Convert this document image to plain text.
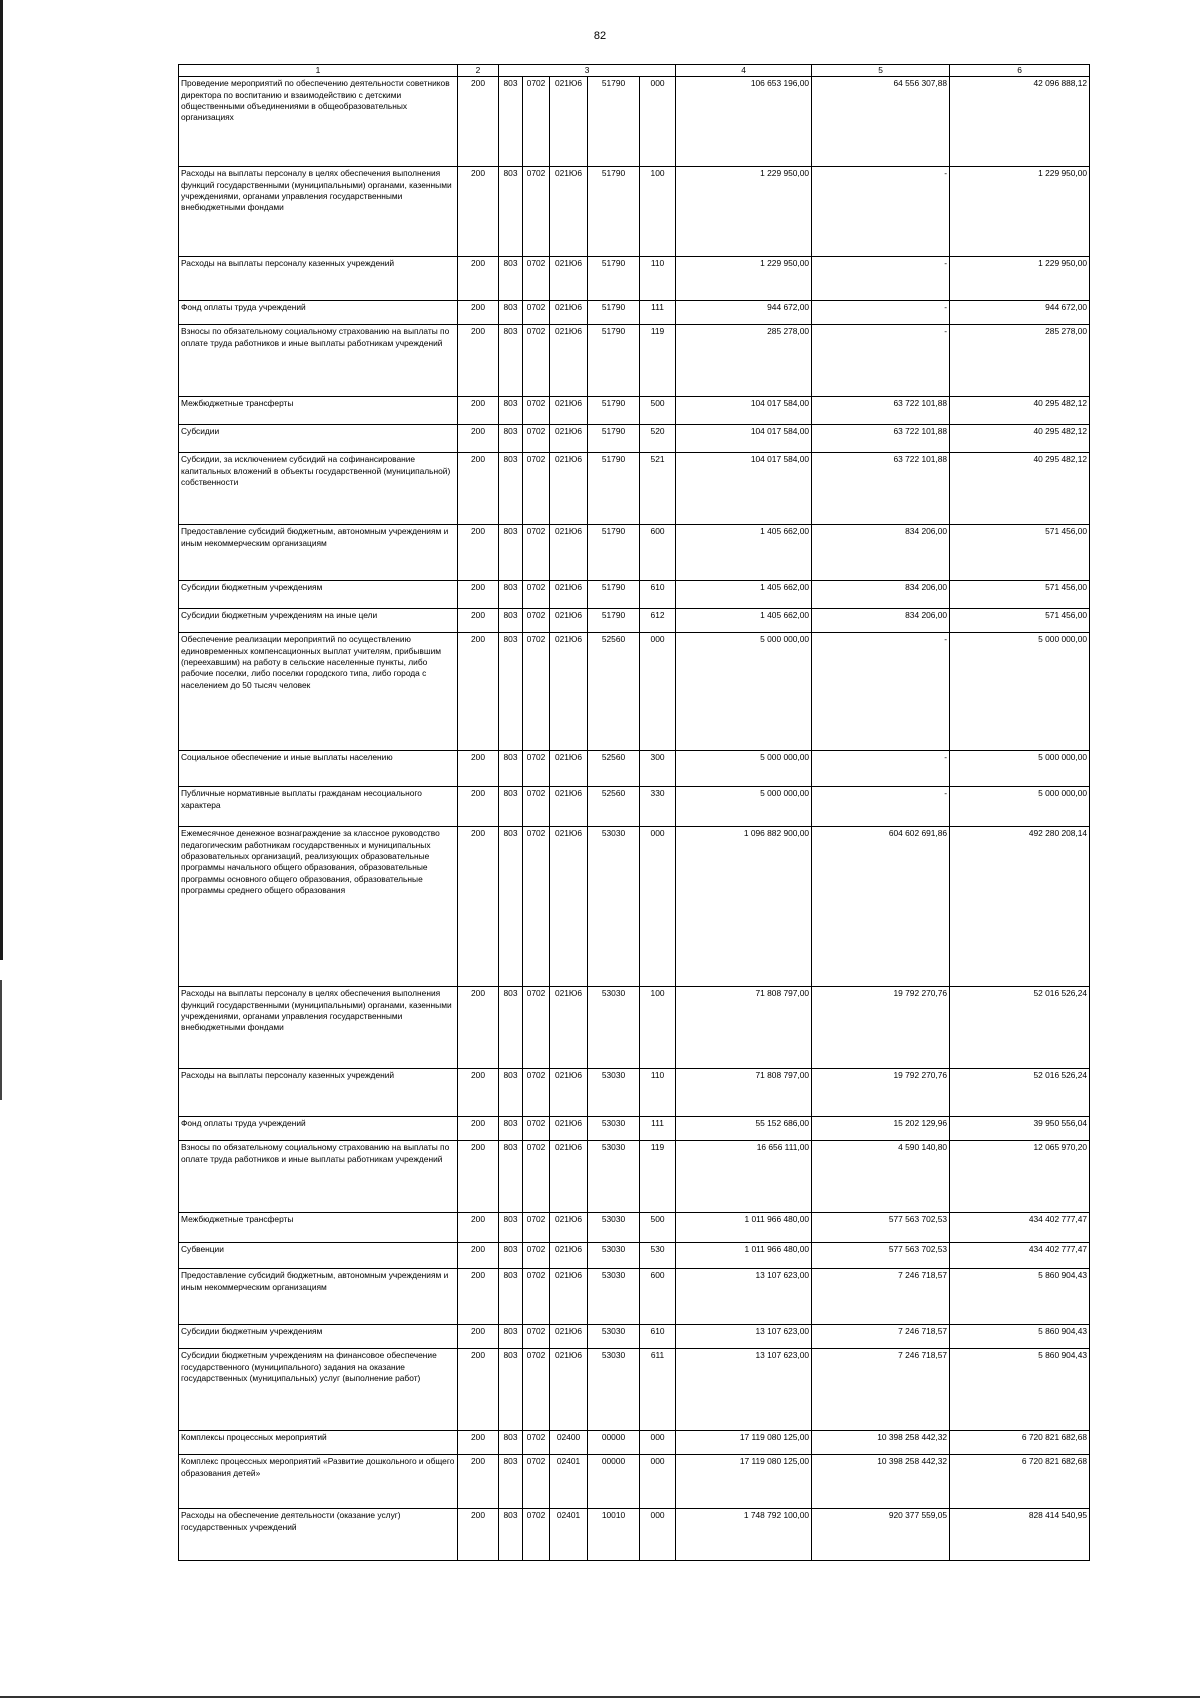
82
1	2	3					4	5	6
Проведение мероприятий по обеспечению деятельности советников директора по воспитанию и взаимодействию с детскими общественными объединениями в общеобразовательных организациях	200	803	0702	021Ю6	51790	000	106 653 196,00	64 556 307,88	42 096 888,12
Расходы на выплаты персоналу в целях обеспечения выполнения функций государственными (муниципальными) органами, казенными учреждениями, органами управления государственными внебюджетными фондами	200	803	0702	021Ю6	51790	100	1 229 950,00	-	1 229 950,00
Расходы на выплаты персоналу казенных учреждений	200	803	0702	021Ю6	51790	110	1 229 950,00	-	1 229 950,00
Фонд оплаты труда учреждений	200	803	0702	021Ю6	51790	111	944 672,00	-	944 672,00
Взносы по обязательному социальному страхованию на выплаты по оплате труда работников и иные выплаты работникам учреждений	200	803	0702	021Ю6	51790	119	285 278,00	-	285 278,00
Межбюджетные трансферты	200	803	0702	021Ю6	51790	500	104 017 584,00	63 722 101,88	40 295 482,12
Субсидии	200	803	0702	021Ю6	51790	520	104 017 584,00	63 722 101,88	40 295 482,12
Субсидии, за исключением субсидий на софинансирование капитальных вложений в объекты государственной (муниципальной) собственности	200	803	0702	021Ю6	51790	521	104 017 584,00	63 722 101,88	40 295 482,12
Предоставление субсидий бюджетным, автономным учреждениям и иным некоммерческим организациям	200	803	0702	021Ю6	51790	600	1 405 662,00	834 206,00	571 456,00
Субсидии бюджетным учреждениям	200	803	0702	021Ю6	51790	610	1 405 662,00	834 206,00	571 456,00
Субсидии бюджетным учреждениям на иные цели	200	803	0702	021Ю6	51790	612	1 405 662,00	834 206,00	571 456,00
Обеспечение реализации мероприятий по осуществлению единовременных компенсационных выплат учителям, прибывшим (переехавшим) на работу в сельские населенные пункты, либо рабочие поселки, либо поселки городского типа, либо города с населением до 50 тысяч человек	200	803	0702	021Ю6	52560	000	5 000 000,00	-	5 000 000,00
Социальное обеспечение и иные выплаты населению	200	803	0702	021Ю6	52560	300	5 000 000,00	-	5 000 000,00
Публичные нормативные выплаты гражданам несоциального характера	200	803	0702	021Ю6	52560	330	5 000 000,00	-	5 000 000,00
Ежемесячное денежное вознаграждение за классное руководство педагогическим работникам государственных и муниципальных образовательных организаций, реализующих образовательные программы начального общего образования, образовательные программы основного общего образования, образовательные программы среднего общего образования	200	803	0702	021Ю6	53030	000	1 096 882 900,00	604 602 691,86	492 280 208,14
Расходы на выплаты персоналу в целях обеспечения выполнения функций государственными (муниципальными) органами, казенными учреждениями, органами управления государственными внебюджетными фондами	200	803	0702	021Ю6	53030	100	71 808 797,00	19 792 270,76	52 016 526,24
Расходы на выплаты персоналу казенных учреждений	200	803	0702	021Ю6	53030	110	71 808 797,00	19 792 270,76	52 016 526,24
Фонд оплаты труда учреждений	200	803	0702	021Ю6	53030	111	55 152 686,00	15 202 129,96	39 950 556,04
Взносы по обязательному социальному страхованию на выплаты по оплате труда работников и иные выплаты работникам учреждений	200	803	0702	021Ю6	53030	119	16 656 111,00	4 590 140,80	12 065 970,20
Межбюджетные трансферты	200	803	0702	021Ю6	53030	500	1 011 966 480,00	577 563 702,53	434 402 777,47
Субвенции	200	803	0702	021Ю6	53030	530	1 011 966 480,00	577 563 702,53	434 402 777,47
Предоставление субсидий бюджетным, автономным учреждениям и иным некоммерческим организациям	200	803	0702	021Ю6	53030	600	13 107 623,00	7 246 718,57	5 860 904,43
Субсидии бюджетным учреждениям	200	803	0702	021Ю6	53030	610	13 107 623,00	7 246 718,57	5 860 904,43
Субсидии бюджетным учреждениям на финансовое обеспечение государственного (муниципального) задания на оказание государственных (муниципальных) услуг (выполнение работ)	200	803	0702	021Ю6	53030	611	13 107 623,00	7 246 718,57	5 860 904,43
Комплексы процессных мероприятий	200	803	0702	02400	00000	000	17 119 080 125,00	10 398 258 442,32	6 720 821 682,68
Комплекс процессных мероприятий «Развитие дошкольного и общего образования детей»	200	803	0702	02401	00000	000	17 119 080 125,00	10 398 258 442,32	6 720 821 682,68
Расходы на обеспечение деятельности (оказание услуг) государственных учреждений	200	803	0702	02401	10010	000	1 748 792 100,00	920 377 559,05	828 414 540,95
